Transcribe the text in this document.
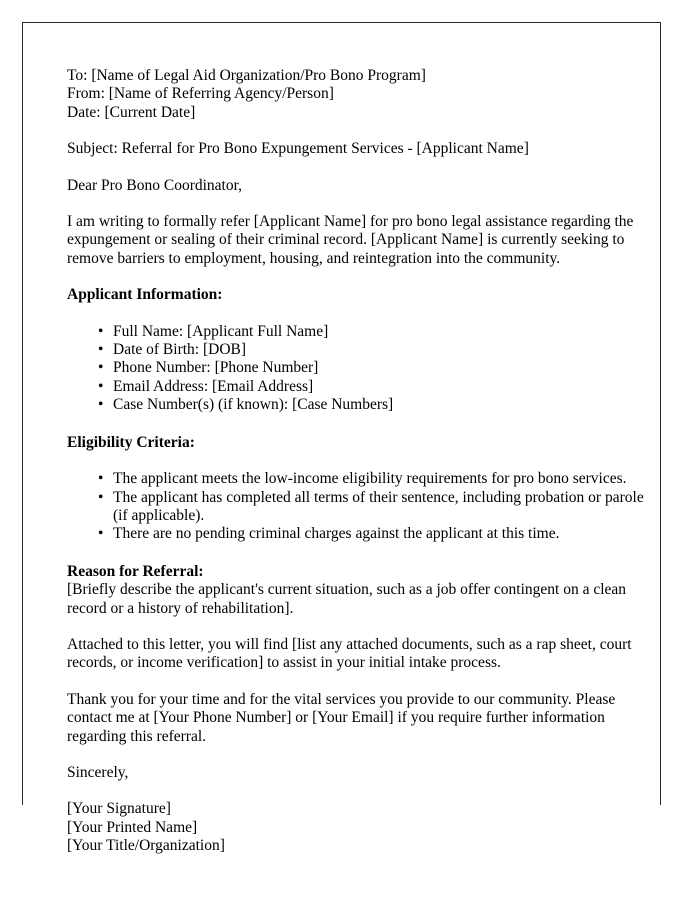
To: [Name of Legal Aid Organization/Pro Bono Program]
From: [Name of Referring Agency/Person]
Date: [Current Date]
Subject: Referral for Pro Bono Expungement Services - [Applicant Name]
Dear Pro Bono Coordinator,

I am writing to formally refer [Applicant Name] for pro bono legal assistance regarding the expungement or sealing of their criminal record. [Applicant Name] is currently seeking to remove barriers to employment, housing, and reintegration into the community.

Applicant Information:
• Full Name: [Applicant Full Name]
• Date of Birth: [DOB]
• Phone Number: [Phone Number]
• Email Address: [Email Address]
• Case Number(s) (if known): [Case Numbers]
Eligibility Criteria:
• The applicant meets the low-income eligibility requirements for pro bono services.
• The applicant has completed all terms of their sentence, including probation or parole (if applicable).
• There are no pending criminal charges against the applicant at this time.
Reason for Referral:

[Briefly describe the applicant's current situation, such as a job offer contingent on a clean record or a history of rehabilitation].

Attached to this letter, you will find [list any attached documents, such as a rap sheet, court records, or income verification] to assist in your initial intake process.

Thank you for your time and for the vital services you provide to our community. Please contact me at [Your Phone Number] or [Your Email] if you require further information regarding this referral.

Sincerely,
[Your Signature]
[Your Printed Name]
[Your Title/Organization]
